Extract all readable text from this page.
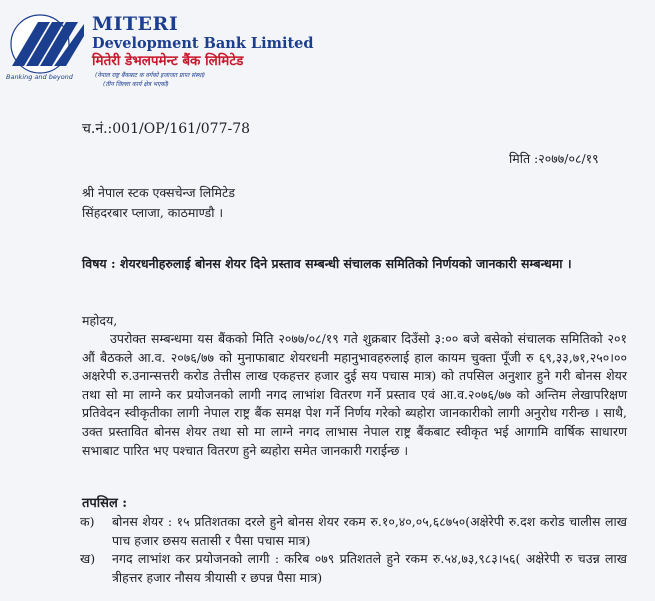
Banking and beyond
MITERI
Development Bank Limited
मितेरी डेभलपमेन्ट बैंक लिमिटेड
(नेपाल राष्ट्र बैंकबाट क वर्गको इजाजत प्राप्त संस्था)
(तीन जिल्ला कार्य क्षेत्र भएको)
च.नं.:001/OP/161/077-78
मिति :२०७७/०८/१९
श्री नेपाल स्टक एक्सचेन्ज लिमिटेड
सिंहदरबार प्लाजा, काठमाण्डौ ।
विषय : शेयरधनीहरुलाई बोनस शेयर दिने प्रस्ताव सम्बन्धी संचालक समितिको निर्णयको जानकारी सम्बन्धमा ।
महोदय,

उपरोक्त सम्बन्धमा यस बैंकको मिति २०७७/०८/१९ गते शुक्रबार दिउँसो ३:०० बजे बसेको संचालक समितिको २०१ औं बैठकले आ.व. २०७६/७७ को मुनाफाबाट शेयरधनी महानुभावहरुलाई हाल कायम चुक्ता पूँजी रु ६९,३३,७१,२५०।०० अक्षरेपी रु.उनान्सत्तरी करोड तेत्तीस लाख एकहत्तर हजार दुई सय पचास मात्र) को तपसिल अनुशार हुने गरी बोनस शेयर तथा सो मा लाग्ने कर प्रयोजनको लागी नगद लाभांश वितरण गर्ने प्रस्ताव एवं आ.व.२०७६/७७ को अन्तिम लेखापरिक्षण प्रतिवेदन स्वीकृतीका लागी नेपाल राष्ट्र बैंक समक्ष पेश गर्ने निर्णय गरेको ब्यहोरा जानकारीको लागी अनुरोध गरीन्छ । साथै, उक्त प्रस्तावित बोनस शेयर तथा सो मा लाग्ने नगद लाभास नेपाल राष्ट्र बैंकबाट स्वीकृत भई आगामि वार्षिक साधारण सभाबाट पारित भए पश्चात वितरण हुने ब्यहोरा समेत जानकारी गराईन्छ ।

तपसिल :
क)	बोनस शेयर : १५ प्रतिशतका दरले हुने बोनस शेयर रकम रु.१०,४०,०५,६८७५०(अक्षेरेपी रु.दश करोड चालीस लाख पाच हजार छसय सतासी र पैसा पचास मात्र)
ख)	नगद लाभांश कर प्रयोजनको लागी : करिब ०७९ प्रतिशतले हुने रकम रु.५४,७३,९८३।५६( अक्षेरेपी रु चउन्न लाख त्रीहत्तर हजार नौसय त्रीयासी र छपन्न पैसा मात्र)
